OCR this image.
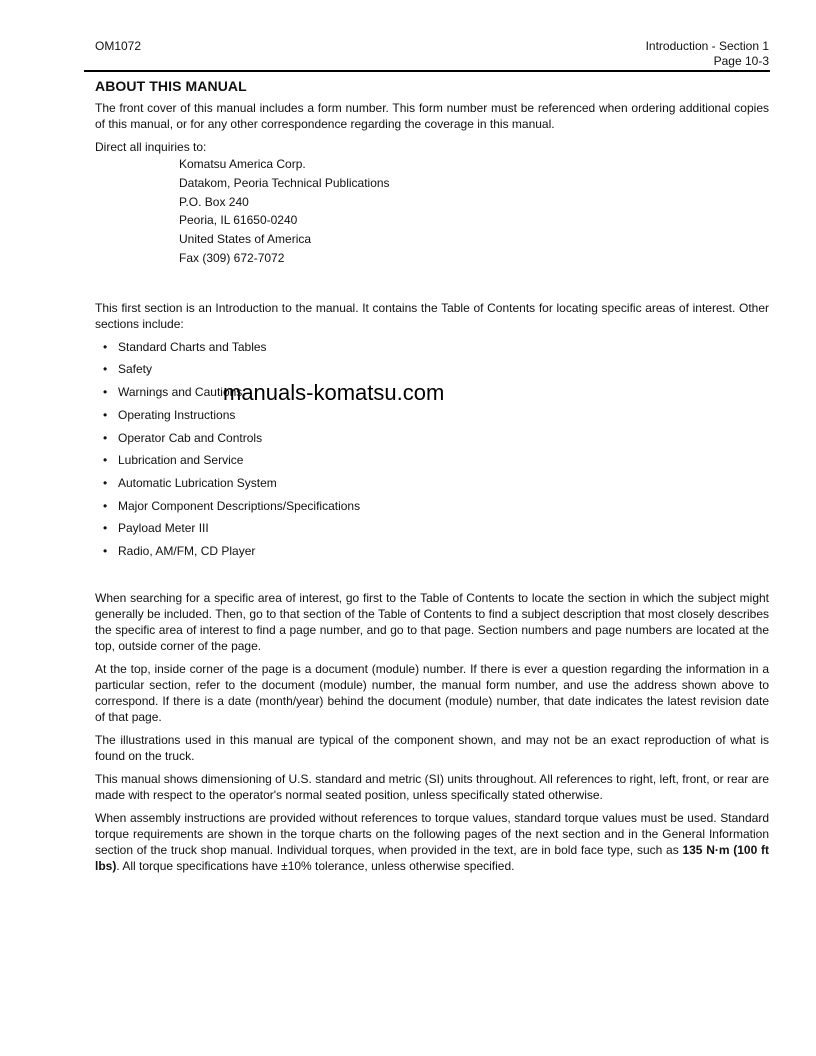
OM1072	Introduction - Section 1
Page 10-3
ABOUT THIS MANUAL

The front cover of this manual includes a form number. This form number must be referenced when ordering additional copies of this manual, or for any other correspondence regarding the coverage in this manual.

Direct all inquiries to:

Komatsu America Corp.
Datakom, Peoria Technical Publications
P.O. Box 240
Peoria, IL 61650-0240
United States of America
Fax (309) 672-7072

This first section is an Introduction to the manual. It contains the Table of Contents for locating specific areas of interest. Other sections include:

• Standard Charts and Tables
• Safety
• Warnings and Cautions
• Operating Instructions
• Operator Cab and Controls
• Lubrication and Service
• Automatic Lubrication System
• Major Component Descriptions/Specifications
• Payload Meter III
• Radio, AM/FM, CD Player

When searching for a specific area of interest, go first to the Table of Contents to locate the section in which the subject might generally be included. Then, go to that section of the Table of Contents to find a subject description that most closely describes the specific area of interest to find a page number, and go to that page. Section numbers and page numbers are located at the top, outside corner of the page.

At the top, inside corner of the page is a document (module) number. If there is ever a question regarding the information in a particular section, refer to the document (module) number, the manual form number, and use the address shown above to correspond. If there is a date (month/year) behind the document (module) number, that date indicates the latest revision date of that page.

The illustrations used in this manual are typical of the component shown, and may not be an exact reproduction of what is found on the truck.

This manual shows dimensioning of U.S. standard and metric (SI) units throughout. All references to right, left, front, or rear are made with respect to the operator's normal seated position, unless specifically stated otherwise.

When assembly instructions are provided without references to torque values, standard torque values must be used. Standard torque requirements are shown in the torque charts on the following pages of the next section and in the General Information section of the truck shop manual. Individual torques, when provided in the text, are in bold face type, such as 135 N·m (100 ft lbs). All torque specifications have ±10% tolerance, unless otherwise specified.

manuals-komatsu.com
